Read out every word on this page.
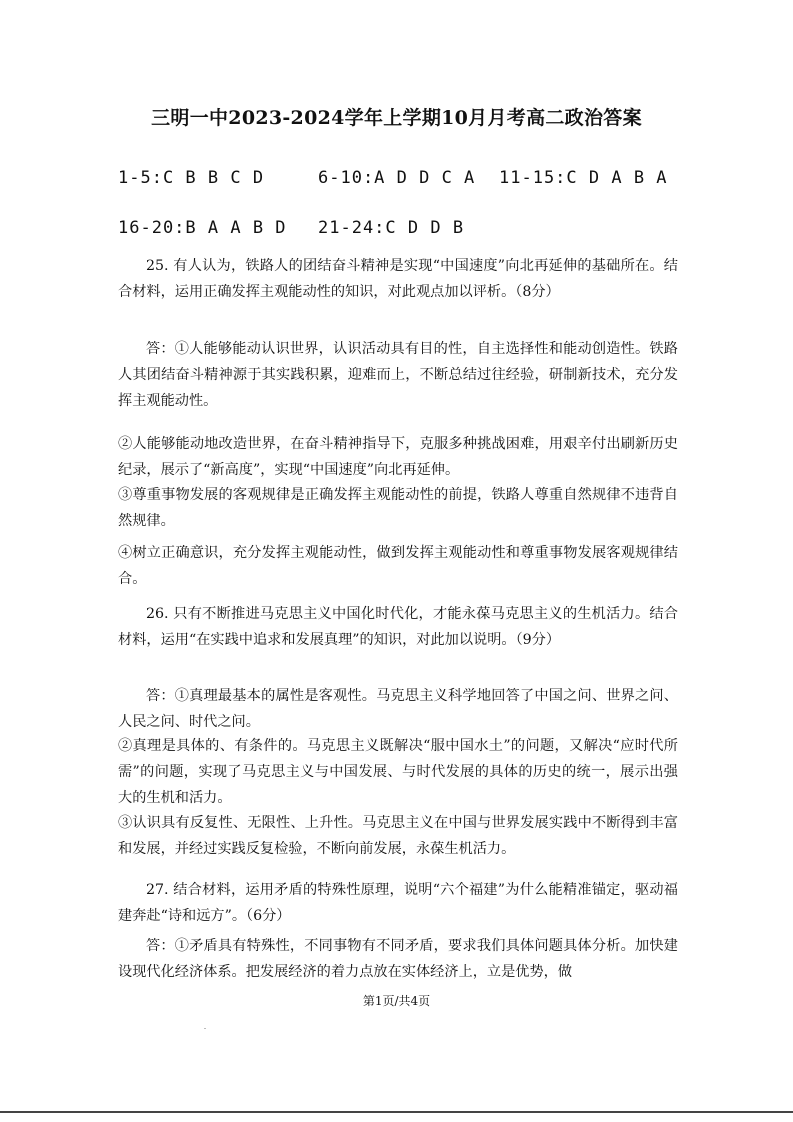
三明一中2023-2024学年上学期10月月考高二政治答案
1-5:C B B C D	6-10:A D D C A 11-15:C D A B A
16-20:B A A B D 21-24:C D D B
25. 有人认为，铁路人的团结奋斗精神是实现“中国速度”向北再延伸的基础所在。结合材料，运用正确发挥主观能动性的知识，对此观点加以评析。（8分）
答：①人能够能动认识世界，认识活动具有目的性，自主选择性和能动创造性。铁路人其团结奋斗精神源于其实践积累，迎难而上，不断总结过往经验，研制新技术，充分发挥主观能动性。
②人能够能动地改造世界，在奋斗精神指导下，克服多种挑战困难，用艰辛付出刷新历史纪录，展示了“新高度”，实现“中国速度”向北再延伸。
③尊重事物发展的客观规律是正确发挥主观能动性的前提，铁路人尊重自然规律不违背自然规律。
④树立正确意识，充分发挥主观能动性，做到发挥主观能动性和尊重事物发展客观规律结合。
26. 只有不断推进马克思主义中国化时代化，才能永葆马克思主义的生机活力。结合材料，运用“在实践中追求和发展真理”的知识，对此加以说明。（9分）
答：①真理最基本的属性是客观性。马克思主义科学地回答了中国之问、世界之问、人民之问、时代之问。
②真理是具体的、有条件的。马克思主义既解决“服中国水土”的问题，又解决“应时代所需”的问题，实现了马克思主义与中国发展、与时代发展的具体的历史的统一，展示出强大的生机和活力。
③认识具有反复性、无限性、上升性。马克思主义在中国与世界发展实践中不断得到丰富和发展，并经过实践反复检验，不断向前发展，永葆生机活力。
27. 结合材料，运用矛盾的特殊性原理，说明“六个福建”为什么能精准锚定，驱动福建奔赴“诗和远方”。（6分）
答：①矛盾具有特殊性，不同事物有不同矛盾，要求我们具体问题具体分析。加快建设现代化经济体系。把发展经济的着力点放在实体经济上，立是优势，做
第1页/共4页
